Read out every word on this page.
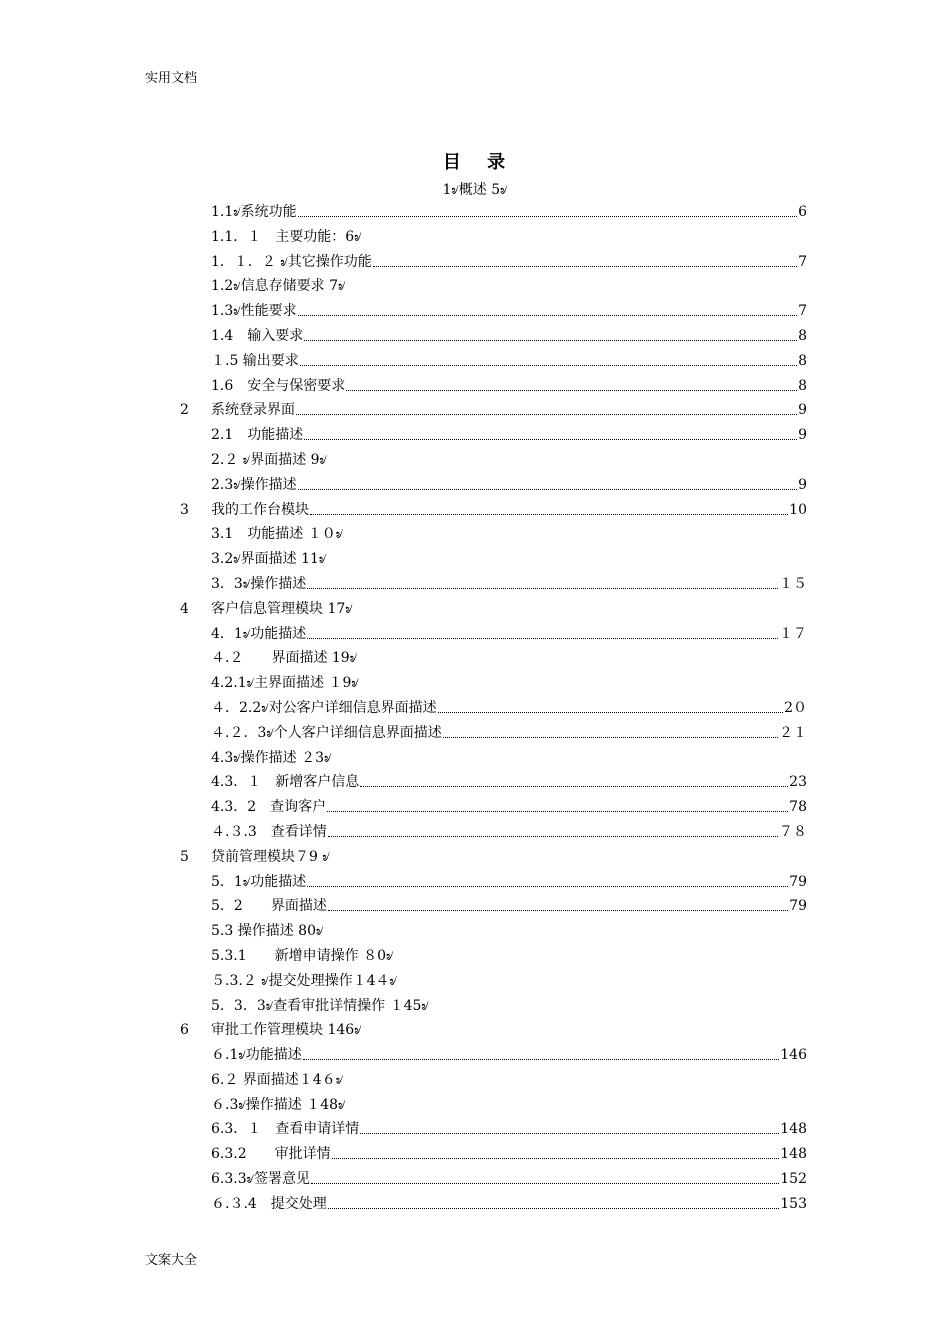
实用文档
目 录
1৶概述 5৶
1.1৶系统功能	6
1.1．１　主要功能：6৶
1．１．２ ৶其它操作功能	7
1.2৶信息存储要求 7৶
1.3৶性能要求	7
1.4　输入要求	8
１.5 输出要求	8
1.6　安全与保密要求	8
2	系统登录界面	9
2.1　功能描述	9
2.２ ৶界面描述 9৶
2.3৶操作描述	9
3	我的工作台模块	10
3.1　功能描述 １０৶
3.2৶界面描述 11৶
3．3৶操作描述	１５
4	客户信息管理模块 17৶
4．1৶功能描述	１７
４.２　　界面描述 19৶
4.2.1৶主界面描述 １9৶
４．2.2৶对公客户详细信息界面描述	2０
４.２．3৶个人客户详细信息界面描述	２１
4.3৶操作描述 ２3৶
4.3．１　新增客户信息	23
4.3．2　查询客户	78
４.３.3　查看详情	７８
5	贷前管理模块７9 ৶
5．1৶功能描述	79
5．2　　界面描述	79
5.3 操作描述 80৶
5.3.1　　新增申请操作 ８0৶
５.3.２ ৶提交处理操作１4４৶
5．3．3৶查看审批详情操作 １45৶
6	审批工作管理模块 146৶
６.1৶功能描述	146
6.２ 界面描述１4６৶
６.3৶操作描述 １48৶
6.3．１　查看申请详情	148
6.3.2　　审批详情	148
6.3.3৶签署意见	152
６.３.4　提交处理	153
文案大全
